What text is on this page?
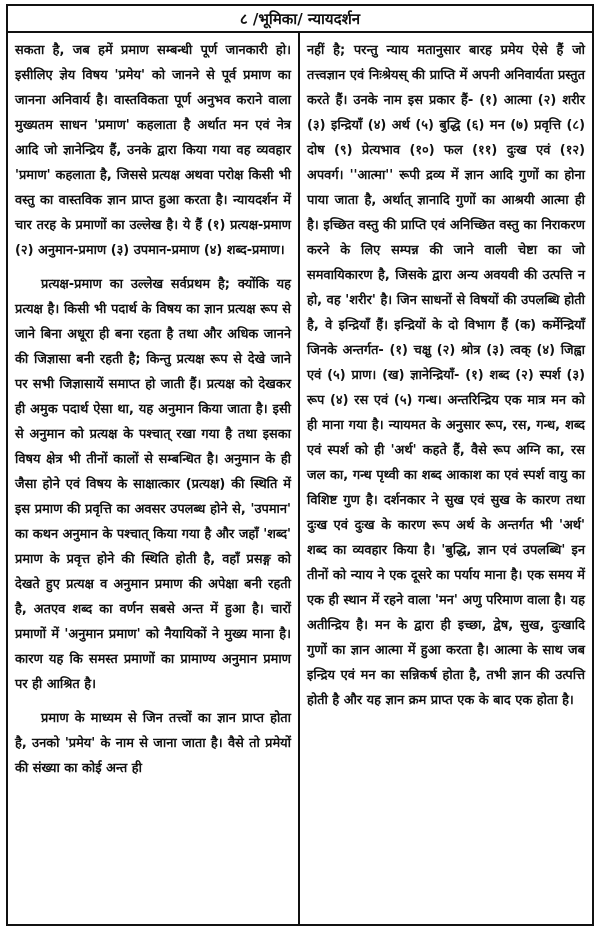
८ /भूमिका/ न्यायदर्शन

सकता है, जब हमें प्रमाण सम्बन्धी पूर्ण जानकारी हो। इसीलिए ज्ञेय विषय 'प्रमेय' को जानने से पूर्व प्रमाण का जानना अनिवार्य है। वास्तविकता पूर्ण अनुभव कराने वाला मुख्यतम साधन 'प्रमाण' कहलाता है अर्थात मन एवं नेत्र आदि जो ज्ञानेन्द्रिय हैं, उनके द्वारा किया गया वह व्यवहार 'प्रमाण' कहलाता है, जिससे प्रत्यक्ष अथवा परोक्ष किसी भी वस्तु का वास्तविक ज्ञान प्राप्त हुआ करता है। न्यायदर्शन में चार तरह के प्रमाणों का उल्लेख है। ये हैं (१) प्रत्यक्ष-प्रमाण (२) अनुमान-प्रमाण (३) उपमान-प्रमाण (४) शब्द-प्रमाण।

प्रत्यक्ष-प्रमाण का उल्लेख सर्वप्रथम है; क्योंकि यह प्रत्यक्ष है। किसी भी पदार्थ के विषय का ज्ञान प्रत्यक्ष रूप से जाने बिना अधूरा ही बना रहता है तथा और अधिक जानने की जिज्ञासा बनी रहती है; किन्तु प्रत्यक्ष रूप से देखे जाने पर सभी जिज्ञासायें समाप्त हो जाती हैं। प्रत्यक्ष को देखकर ही अमुक पदार्थ ऐसा था, यह अनुमान किया जाता है। इसी से अनुमान को प्रत्यक्ष के पश्चात् रखा गया है तथा इसका विषय क्षेत्र भी तीनों कालों से सम्बन्धित है। अनुमान के ही जैसा होने एवं विषय के साक्षात्कार (प्रत्यक्ष) की स्थिति में इस प्रमाण की प्रवृत्ति का अवसर उपलब्ध होने से, 'उपमान' का कथन अनुमान के पश्चात् किया गया है और जहाँ 'शब्द' प्रमाण के प्रवृत्त होने की स्थिति होती है, वहाँ प्रसङ्ग को देखते हुए प्रत्यक्ष व अनुमान प्रमाण की अपेक्षा बनी रहती है, अतएव शब्द का वर्णन सबसे अन्त में हुआ है। चारों प्रमाणों में 'अनुमान प्रमाण' को नैयायिकों ने मुख्य माना है। कारण यह कि समस्त प्रमाणों का प्रामाण्य अनुमान प्रमाण पर ही आश्रित है।

प्रमाण के माध्यम से जिन तत्त्वों का ज्ञान प्राप्त होता है, उनको 'प्रमेय' के नाम से जाना जाता है। वैसे तो प्रमेयों की संख्या का कोई अन्त ही

नहीं है; परन्तु न्याय मतानुसार बारह प्रमेय ऐसे हैं जो तत्त्वज्ञान एवं निःश्रेयस् की प्राप्ति में अपनी अनिवार्यता प्रस्तुत करते हैं। उनके नाम इस प्रकार हैं- (१) आत्मा (२) शरीर (३) इन्द्रियाँ (४) अर्थ (५) बुद्धि (६) मन (७) प्रवृत्ति (८) दोष (९) प्रेत्यभाव (१०) फल (११) दुःख एवं (१२) अपवर्ग। ''आत्मा'' रूपी द्रव्य में ज्ञान आदि गुणों का होना पाया जाता है, अर्थात् ज्ञानादि गुणों का आश्रयी आत्मा ही है। इच्छित वस्तु की प्राप्ति एवं अनिच्छित वस्तु का निराकरण करने के लिए सम्पन्न की जाने वाली चेष्टा का जो समवायिकारण है, जिसके द्वारा अन्य अवयवी की उत्पत्ति न हो, वह 'शरीर' है। जिन साधनों से विषयों की उपलब्धि होती है, वे इन्द्रियाँ हैं। इन्द्रियों के दो विभाग हैं (क) कर्मेन्द्रियाँ जिनके अन्तर्गत- (१) चक्षु (२) श्रोत्र (३) त्वक् (४) जिह्वा एवं (५) प्राण। (ख) ज्ञानेन्द्रियाँ- (१) शब्द (२) स्पर्श (३) रूप (४) रस एवं (५) गन्ध। अन्तरिन्द्रिय एक मात्र मन को ही माना गया है। न्यायमत के अनुसार रूप, रस, गन्ध, शब्द एवं स्पर्श को ही 'अर्थ' कहते हैं, वैसे रूप अग्नि का, रस जल का, गन्ध पृथ्वी का शब्द आकाश का एवं स्पर्श वायु का विशिष्ट गुण है। दर्शनकार ने सुख एवं सुख के कारण तथा दुःख एवं दुःख के कारण रूप अर्थ के अन्तर्गत भी 'अर्थ' शब्द का व्यवहार किया है। 'बुद्धि, ज्ञान एवं उपलब्धि' इन तीनों को न्याय ने एक दूसरे का पर्याय माना है। एक समय में एक ही स्थान में रहने वाला 'मन' अणु परिमाण वाला है। यह अतीन्द्रिय है। मन के द्वारा ही इच्छा, द्वेष, सुख, दुःखादि गुणों का ज्ञान आत्मा में हुआ करता है। आत्मा के साथ जब इन्द्रिय एवं मन का सन्निकर्ष होता है, तभी ज्ञान की उत्पत्ति होती है और यह ज्ञान क्रम प्राप्त एक के बाद एक होता है।
